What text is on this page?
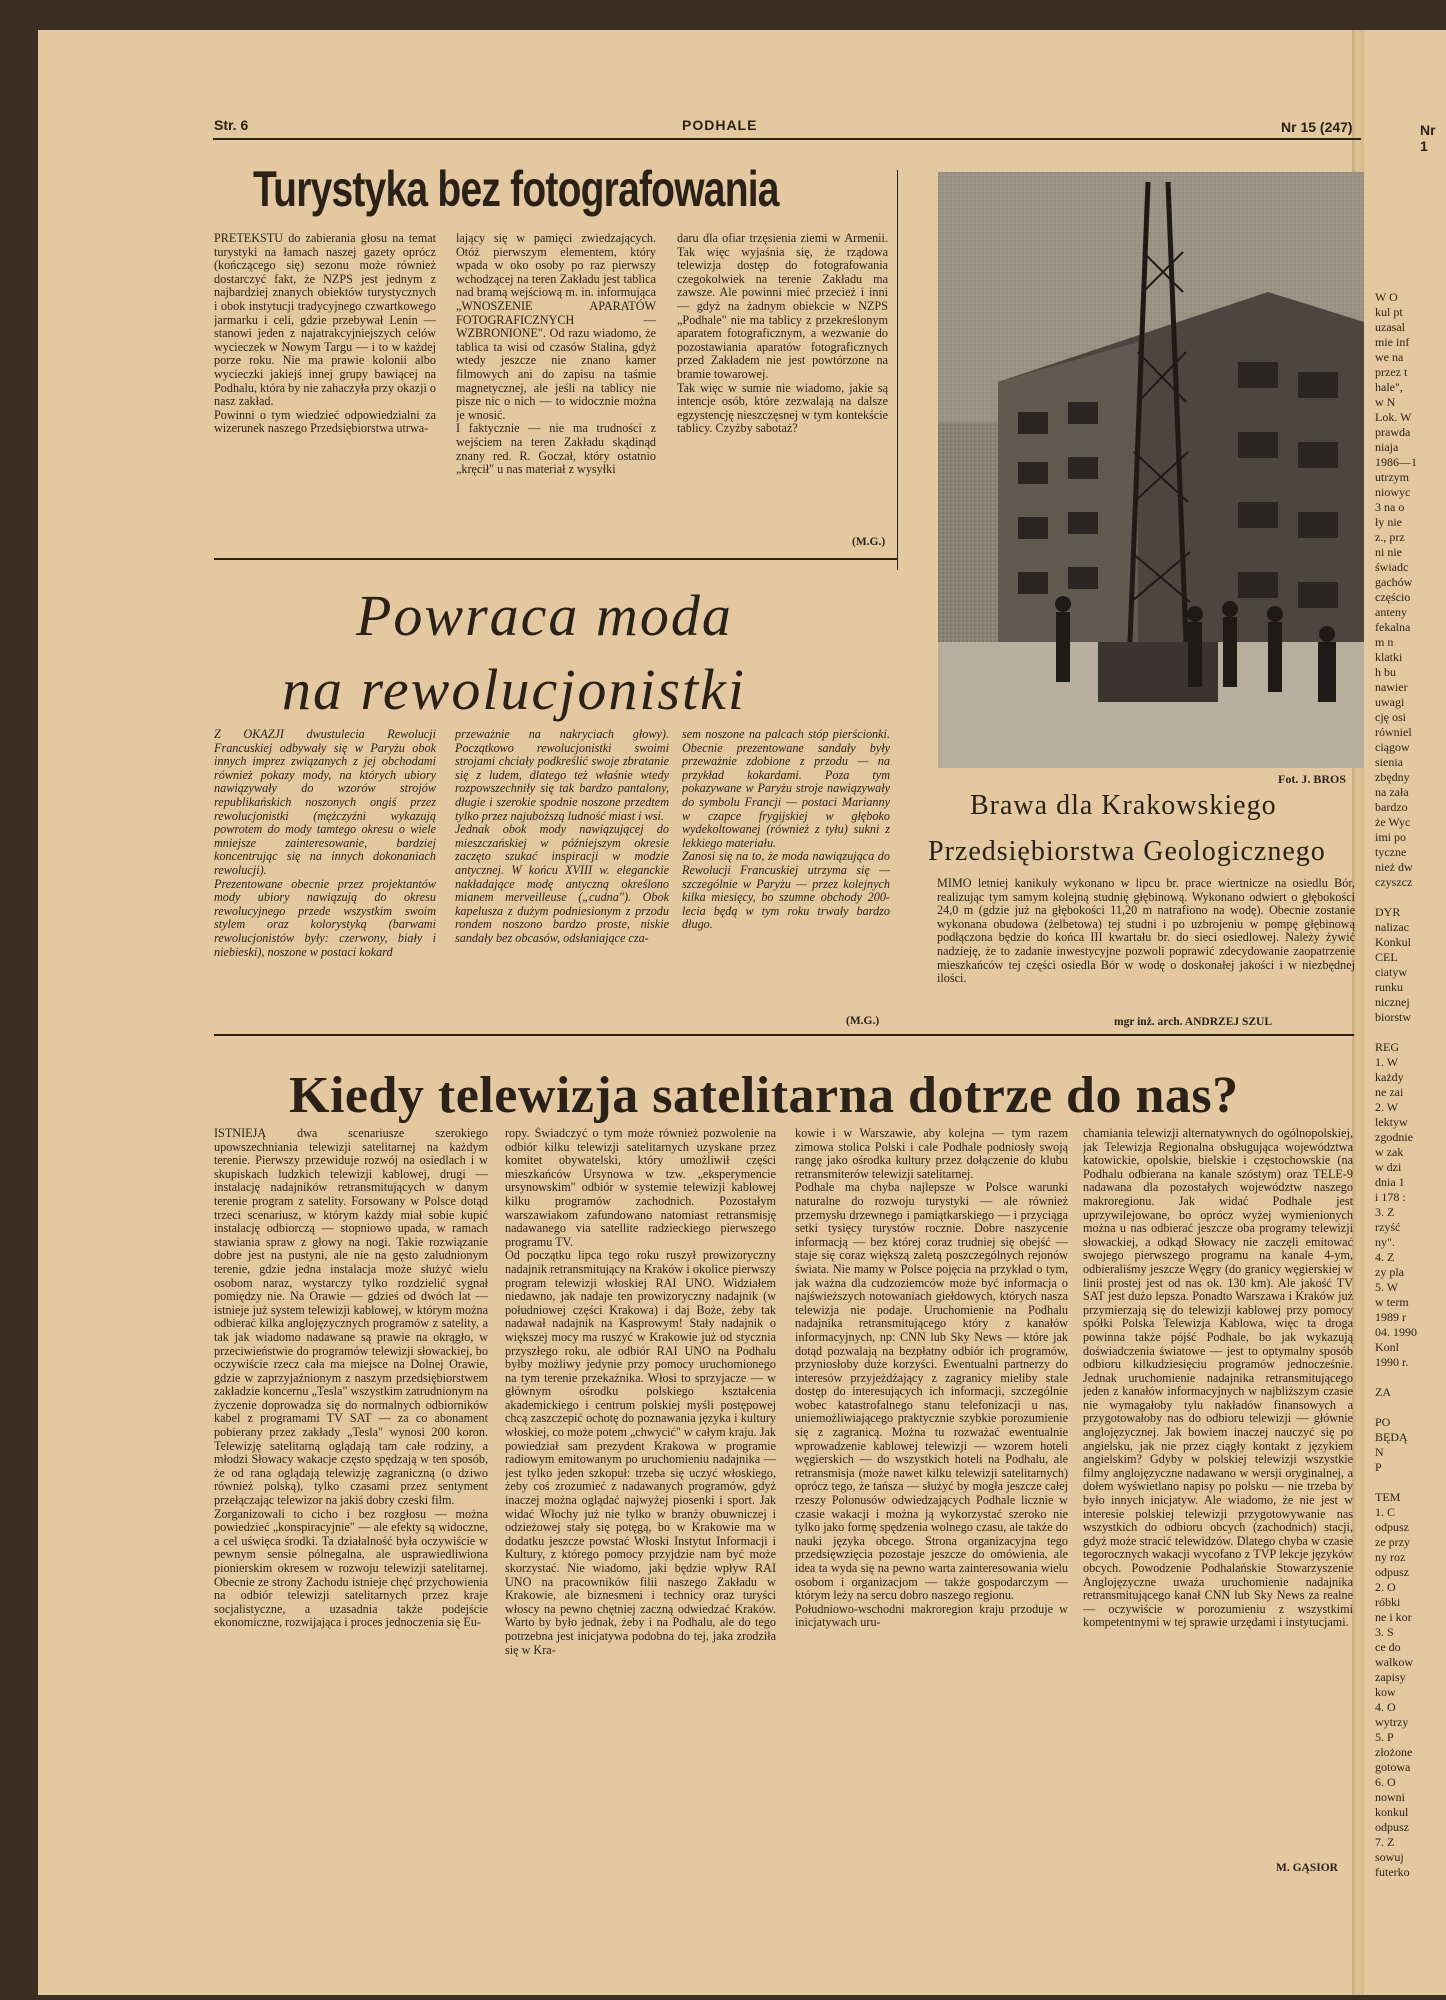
Str. 6	PODHALE	Nr 15 (247)	Nr 1
Turystyka bez fotografowania
PRETEKSTU do zabierania głosu na temat turystyki na łamach naszej gazety oprócz (kończącego się) sezonu może również dostarczyć fakt, że NZPS jest jednym z najbardziej znanych obiektów turystycznych i obok instytucji tradycyjnego czwartkowego jarmarku i celi, gdzie przebywał Lenin — stanowi jeden z najatrakcyjniejszych celów wycieczek w Nowym Targu — i to w każdej porze roku. Nie ma prawie kolonii albo wycieczki jakiejś innej grupy bawiącej na Podhalu, która by nie zahaczyła przy okazji o nasz zakład.
Powinni o tym wiedzieć odpowiedzialni za wizerunek naszego Przedsiębiorstwa utrwa-
lający się w pamięci zwiedzających. Otóż pierwszym elementem, który wpada w oko osoby po raz pierwszy wchodzącej na teren Zakładu jest tablica nad bramą wejściową m. in. informująca „WNOSZENIE APARATÓW FOTOGRAFICZNYCH — WZBRONIONE". Od razu wiadomo, że tablica ta wisi od czasów Stalina, gdyż wtedy jeszcze nie znano kamer filmowych ani do zapisu na taśmie magnetycznej, ale jeśli na tablicy nie pisze nic o nich — to widocznie można je wnosić.
I faktycznie — nie ma trudności z wejściem na teren Zakładu skądinąd znany red. R. Goczał, który ostatnio „kręcił" u nas materiał z wysyłki
daru dla ofiar trzęsienia ziemi w Armenii. Tak więc wyjaśnia się, że rządowa telewizja dostęp do fotografowania czegokolwiek na terenie Zakładu ma zawsze. Ale powinni mieć przecież i inni — gdyż na żadnym obiekcie w NZPS „Podhale" nie ma tablicy z przekreślonym aparatem fotograficznym, a wezwanie do pozostawiania aparatów fotograficznych przed Zakładem nie jest powtórzone na bramie towarowej.
Tak więc w sumie nie wiadomo, jakie są intencje osób, które zezwalają na dalsze egzystencję nieszczęsnej w tym kontekście tablicy. Czyżby sabotaż?
(M.G.)
Powraca moda
na rewolucjonistki
Z OKAZJI dwustulecia Rewolucji Francuskiej odbywały się w Paryżu obok innych imprez związanych z jej obchodami również pokazy mody, na których ubiory nawiązywały do wzorów strojów republikańskich noszonych ongiś przez rewolucjonistki (mężczyźni wykazują powrotem do mody tamtego okresu o wiele mniejsze zainteresowanie, bardziej koncentrując się na innych dokonaniach rewolucji).
Prezentowane obecnie przez projektantów mody ubiory nawiązują do okresu rewolucyjnego przede wszystkim swoim stylem oraz kolorystyką (barwami rewolucjonistów były: czerwony, biały i niebieski), noszone w postaci kokard
przeważnie na nakryciach głowy). Początkowo rewolucjonistki swoimi strojami chciały podkreślić swoje zbratanie się z ludem, dlatego też właśnie wtedy rozpowszechniły się tak bardzo pantalony, długie i szerokie spodnie noszone przedtem tylko przez najuboższą ludność miast i wsi.
Jednak obok mody nawiązującej do mieszczańskiej w późniejszym okresie zaczęto szukać inspiracji w modzie antycznej. W końcu XVIII w. eleganckie nakładające modę antyczną określono mianem merveilleuse („cudna"). Obok kapelusza z dużym podniesionym z przodu rondem noszono bardzo proste, niskie sandały bez obcasów, odsłaniające cza-
sem noszone na palcach stóp pierścionki. Obecnie prezentowane sandały były przeważnie zdobione z przodu — na przykład kokardami. Poza tym pokazywane w Paryżu stroje nawiązywały do symbolu Francji — postaci Marianny w czapce frygijskiej w głęboko wydekoltowanej (również z tyłu) sukni z lekkiego materiału.
Zanosi się na to, że moda nawiązująca do Rewolucji Francuskiej utrzyma się — szczególnie w Paryżu — przez kolejnych kilka miesięcy, bo szumne obchody 200-lecia będą w tym roku trwały bardzo długo.
(M.G.)
Fot. J. BROS
Brawa dla Krakowskiego
Przedsiębiorstwa Geologicznego
MIMO letniej kanikuły wykonano w lipcu br. prace wiertnicze na osiedlu Bór, realizując tym samym kolejną studnię głębinową. Wykonano odwiert o głębokości 24,0 m (gdzie już na głębokości 11,20 m natrafiono na wodę). Obecnie zostanie wykonana obudowa (żelbetowa) tej studni i po uzbrojeniu w pompę głębinową podłączona będzie do końca III kwartału br. do sieci osiedlowej. Należy żywić nadzieję, że to zadanie inwestycyjne pozwoli poprawić zdecydowanie zaopatrzenie mieszkańców tej części osiedla Bór w wodę o doskonałej jakości i w niezbędnej ilości.
mgr inż. arch. ANDRZEJ SZUL
Kiedy telewizja satelitarna dotrze do nas?
ISTNIEJĄ dwa scenariusze szerokiego upowszechniania telewizji satelitarnej na każdym terenie. Pierwszy przewiduje rozwój na osiedlach i w skupiskach ludzkich telewizji kablowej, drugi — instalację nadajników retransmitujących w danym terenie program z satelity. Forsowany w Polsce dotąd trzeci scenariusz, w którym każdy miał sobie kupić instalację odbiorczą — stopniowo upada, w ramach stawiania spraw z głowy na nogi. Takie rozwiązanie dobre jest na pustyni, ale nie na gęsto zaludnionym terenie, gdzie jedna instalacja może służyć wielu osobom naraz, wystarczy tylko rozdzielić sygnał pomiędzy nie. Na Orawie — gdzieś od dwóch lat — istnieje już system telewizji kablowej, w którym można odbierać kilka anglojęzycznych programów z satelity, a tak jak wiadomo nadawane są prawie na okrągło, w przeciwieństwie do programów telewizji słowackiej, bo oczywiście rzecz cała ma miejsce na Dolnej Orawie, gdzie w zaprzyjaźnionym z naszym przedsiębiorstwem zakładzie koncernu „Tesla" wszystkim zatrudnionym na życzenie doprowadza się do normalnych odbiorników kabel z programami TV SAT — za co abonament pobierany przez zakłady „Tesla" wynosi 200 koron. Telewizję satelitarną oglądają tam całe rodziny, a młodzi Słowacy wakacje często spędzają w ten sposób, że od rana oglądają telewizję zagraniczną (o dziwo również polską), tylko czasami przez sentyment przełączając telewizor na jakiś dobry czeski film.
Zorganizowali to cicho i bez rozgłosu — można powiedzieć „konspiracyjnie" — ale efekty są widoczne, a cel uświęca środki. Ta działalność była oczywiście w pewnym sensie pólnegalna, ale usprawiedliwiona pionierskim okresem w rozwoju telewizji satelitarnej. Obecnie ze strony Zachodu istnieje chęć przychowienia na odbiór telewizji satelitarnych przez kraje socjalistyczne, a uzasadnia także podejście ekonomiczne, rozwijająca i proces jednoczenia się Eu-
ropy. Świadczyć o tym może również pozwolenie na odbiór kilku telewizji satelitarnych uzyskane przez komitet obywatelski, który umożliwił części mieszkańców Ursynowa w tzw. „eksperymencie ursynowskim" odbiór w systemie telewizji kablowej kilku programów zachodnich. Pozostałym warszawiakom zafundowano natomiast retransmisję nadawanego via satellite radzieckiego pierwszego programu TV.
Od początku lipca tego roku ruszył prowizoryczny nadajnik retransmitujący na Kraków i okolice pierwszy program telewizji włoskiej RAI UNO. Widziałem niedawno, jak nadaje ten prowizoryczny nadajnik (w południowej części Krakowa) i daj Boże, żeby tak nadawał nadajnik na Kasprowym! Stały nadajnik o większej mocy ma ruszyć w Krakowie już od stycznia przyszłego roku, ale odbiór RAI UNO na Podhalu byłby możliwy jedynie przy pomocy uruchomionego na tym terenie przekaźnika. Włosi to sprzyjacze — w głównym ośrodku polskiego kształcenia akademickiego i centrum polskiej myśli postępowej chcą zaszczepić ochotę do poznawania języka i kultury włoskiej, co może potem „chwycić" w całym kraju. Jak powiedział sam prezydent Krakowa w programie radiowym emitowanym po uruchomieniu nadajnika — jest tylko jeden szkopuł: trzeba się uczyć włoskiego, żeby coś zrozumieć z nadawanych programów, gdyż inaczej można oglądać najwyżej piosenki i sport. Jak widać Włochy już nie tylko w branży obuwniczej i odzieżowej stały się potęgą, bo w Krakowie ma w dodatku jeszcze powstać Włoski Instytut Informacji i Kultury, z którego pomocy przyjdzie nam być może skorzystać. Nie wiadomo, jaki będzie wpływ RAI UNO na pracowników filii naszego Zakładu w Krakowie, ale biznesmeni i technicy oraz turyści włoscy na pewno chętniej zaczną odwiedzać Kraków. Warto by było jednak, żeby i na Podhalu, ale do tego potrzebna jest inicjatywa podobna do tej, jaka zrodziła się w Kra-
kowie i w Warszawie, aby kolejna — tym razem zimowa stolica Polski i cale Podhale podniosły swoją rangę jako ośrodka kultury przez dołączenie do klubu retransmiterów telewizji satelitarnej.
Podhale ma chyba najlepsze w Polsce warunki naturalne do rozwoju turystyki — ale również przemysłu drzewnego i pamiątkarskiego — i przyciąga setki tysięcy turystów rocznie. Dobre naszycenie informacją — bez której coraz trudniej się obejść — staje się coraz większą zaletą poszczególnych rejonów świata. Nie mamy w Polsce pojęcia na przykład o tym, jak ważna dla cudzoziemców może być informacja o najświeższych notowaniach giełdowych, których nasza telewizja nie podaje. Uruchomienie na Podhalu nadajnika retransmitującego który z kanałów informacyjnych, np: CNN lub Sky News — które jak dotąd pozwalają na bezpłatny odbiór ich programów, przyniosłoby duże korzyści. Ewentualni partnerzy do interesów przyjeżdżający z zagranicy mieliby stale dostęp do interesujących ich informacji, szczególnie wobec katastrofalnego stanu telefonizacji u nas, uniemożliwiającego praktycznie szybkie porozumienie się z zagranicą. Można tu rozważać ewentualnie wprowadzenie kablowej telewizji — wzorem hoteli węgierskich — do wszystkich hoteli na Podhalu, ale retransmisja (może nawet kilku telewizji satelitarnych) oprócz tego, że tańsza — służyć by mogła jeszcze całej rzeszy Polonusów odwiedzających Podhale licznie w czasie wakacji i można ją wykorzystać szeroko nie tylko jako formę spędzenia wolnego czasu, ale także do nauki języka obcego. Strona organizacyjna tego przedsięwzięcia pozostaje jeszcze do omówienia, ale idea ta wyda się na pewno warta zainteresowania wielu osobom i organizacjom — także gospodarczym — którym leży na sercu dobro naszego regionu.
Południowo-wschodni makroregion kraju przoduje w inicjatywach uru-
chamiania telewizji alternatywnych do ogólnopolskiej, jak Telewizja Regionalna obsługująca województwa katowickie, opolskie, bielskie i częstochowskie (na Podhalu odbierana na kanale szóstym) oraz TELE-9 nadawana dla pozostałych województw naszego makroregionu. Jak widać Podhale jest uprzywilejowane, bo oprócz wyżej wymienionych można u nas odbierać jeszcze oba programy telewizji słowackiej, a odkąd Słowacy nie zaczęli emitować swojego pierwszego programu na kanale 4-ym, odbieraliśmy jeszcze Węgry (do granicy węgierskiej w linii prostej jest od nas ok. 130 km). Ale jakość TV SAT jest dużo lepsza. Ponadto Warszawa i Kraków już przymierzają się do telewizji kablowej przy pomocy spółki Polska Telewizja Kablowa, więc ta droga powinna także pójść Podhale, bo jak wykazują doświadczenia światowe — jest to optymalny sposób odbioru kilkudziesięciu programów jednocześnie. Jednak uruchomienie nadajnika retransmitującego jeden z kanałów informacyjnych w najbliższym czasie nie wymagałoby tylu nakładów finansowych a przygotowałoby nas do odbioru telewizji — głównie anglojęzycznej. Jak bowiem inaczej nauczyć się po angielsku, jak nie przez ciągły kontakt z językiem angielskim? Gdyby w polskiej telewizji wszystkie filmy anglojęzyczne nadawano w wersji oryginalnej, a dołem wyświetlano napisy po polsku — nie trzeba by było innych inicjatyw. Ale wiadomo, że nie jest w interesie polskiej telewizji przygotowywanie nas wszystkich do odbioru obcych (zachodnich) stacji, gdyż może stracić telewidzów. Dlatego chyba w czasie tegorocznych wakacji wycofano z TVP lekcje języków obcych. Powodzenie Podhalańskie Stowarzyszenie Anglojęzyczne uważa uruchomienie nadajnika retransmitującego kanał CNN lub Sky News za realne — oczywiście w porozumieniu z wszystkimi kompetentnymi w tej sprawie urzędami i instytucjami.
M. GĄSIOR
W O
kul pt
uzasal
mie inf
we na
przez t
hale",
w N
Lok. W
prawda
niaja
1986—1
utrzym
niowyc
3 na o
ły nie
z., prz
ni nie
świadc
gachów
częścio
anteny
fekalna
m n
klatki
h bu
nawier
uwagi
cję osi
równiel
ciągow
sienia
zbędny
na zała
bardzo
że Wyc
imi po
tyczne
nież dw
czyszcz

DYR
nalizac
Konkul
CEL
ciatyw
runku
nicznej
biorstw

REG
1. W
każdy
ne zai
2. W
lektyw
zgodnie
w zak
w dzi
dnia 1
i 178 :
3. Z
rzyść
ny".
4. Z
zy pla
5. W
w term
1989 r
04. 1990
Konl
1990 r.

ZA

PO
BĘDĄ
N
P

TEM
1. C
odpusz
ze przy
ny roz
odpusz
2. O
róbki
ne i kor
3. S
ce do
walkow
zapisy
kow
4. O
wytrzy
5. P
złożone
gotowa
6. O
nowni
konkul
odpusz
7. Z
sowuj
futerko
